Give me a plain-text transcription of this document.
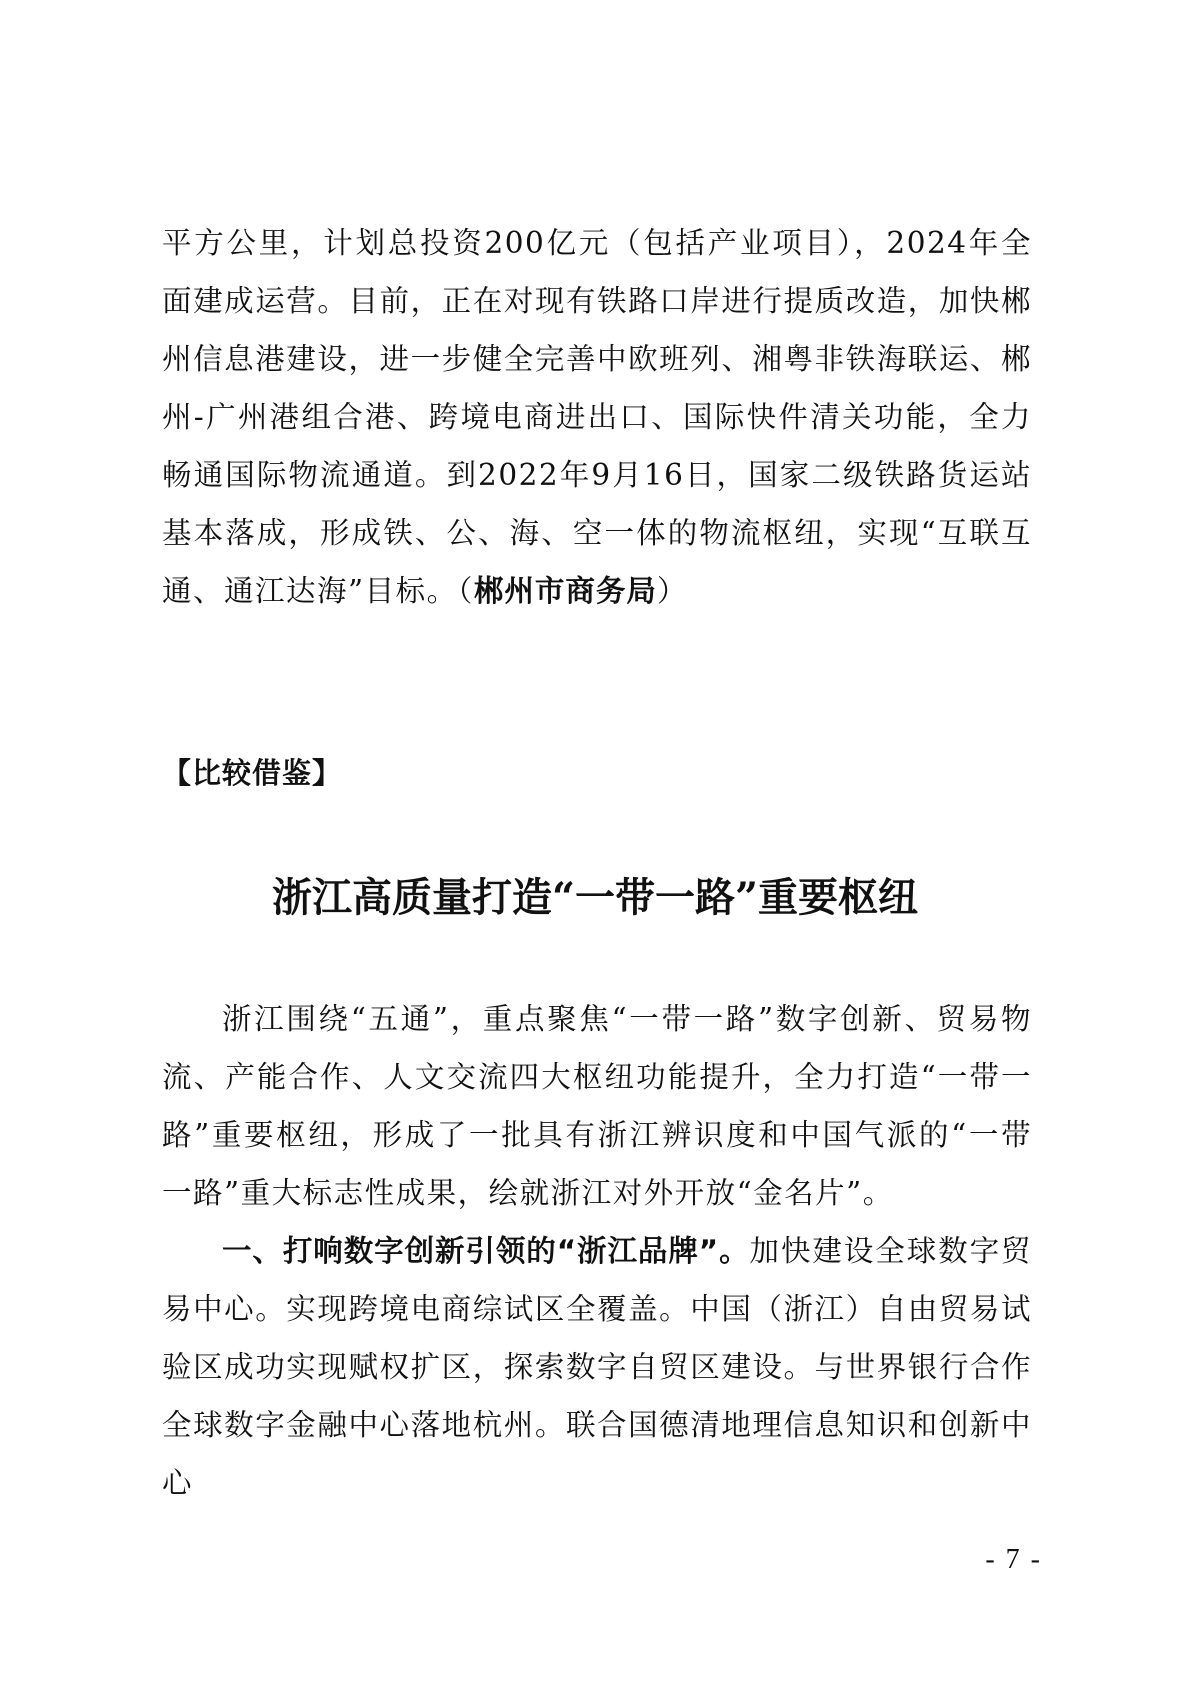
平方公里，计划总投资200亿元（包括产业项目），2024年全面建成运营。目前，正在对现有铁路口岸进行提质改造，加快郴州信息港建设，进一步健全完善中欧班列、湘粤非铁海联运、郴州-广州港组合港、跨境电商进出口、国际快件清关功能，全力畅通国际物流通道。到2022年9月16日，国家二级铁路货运站基本落成，形成铁、公、海、空一体的物流枢纽，实现“互联互通、通江达海”目标。（郴州市商务局）
【比较借鉴】
浙江高质量打造“一带一路”重要枢纽
浙江围绕“五通”，重点聚焦“一带一路”数字创新、贸易物流、产能合作、人文交流四大枢纽功能提升，全力打造“一带一路”重要枢纽，形成了一批具有浙江辨识度和中国气派的“一带一路”重大标志性成果，绘就浙江对外开放“金名片”。
一、打响数字创新引领的“浙江品牌”。加快建设全球数字贸易中心。实现跨境电商综试区全覆盖。中国（浙江）自由贸易试验区成功实现赋权扩区，探索数字自贸区建设。与世界银行合作全球数字金融中心落地杭州。联合国德清地理信息知识和创新中心
- 7 -
